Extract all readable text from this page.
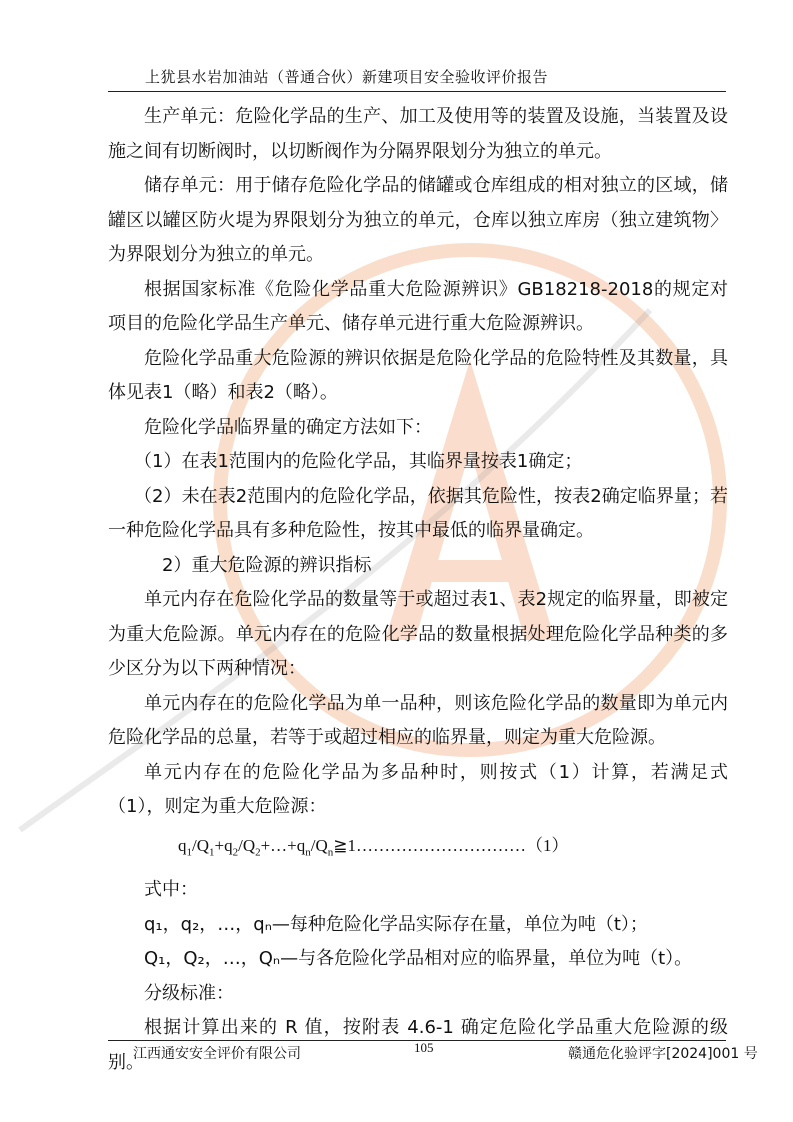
上犹县水岩加油站（普通合伙）新建项目安全验收评价报告

生产单元：危险化学品的生产、加工及使用等的装置及设施，当装置及设施之间有切断阀时，以切断阀作为分隔界限划分为独立的单元。

储存单元：用于储存危险化学品的储罐或仓库组成的相对独立的区域，储罐区以罐区防火堤为界限划分为独立的单元，仓库以独立库房（独立建筑物〉为界限划分为独立的单元。

根据国家标准《危险化学品重大危险源辨识》GB18218-2018的规定对项目的危险化学品生产单元、储存单元进行重大危险源辨识。

危险化学品重大危险源的辨识依据是危险化学品的危险特性及其数量，具体见表1（略）和表2（略）。

危险化学品临界量的确定方法如下：

（1）在表1范围内的危险化学品，其临界量按表1确定；

（2）未在表2范围内的危险化学品，依据其危险性，按表2确定临界量；若一种危险化学品具有多种危险性，按其中最低的临界量确定。

2）重大危险源的辨识指标

单元内存在危险化学品的数量等于或超过表1、表2规定的临界量，即被定为重大危险源。单元内存在的危险化学品的数量根据处理危险化学品种类的多少区分为以下两种情况：

单元内存在的危险化学品为单一品种，则该危险化学品的数量即为单元内危险化学品的总量，若等于或超过相应的临界量，则定为重大危险源。

单元内存在的危险化学品为多品种时，则按式（1）计算，若满足式（1），则定为重大危险源：

$q_1/Q_1+q_2/Q_2+\dots+q_n/Q_n≧1\dots\dots\dots\dots\dots\dots\dots\dots\dots\dots(1)$

式中：

q₁，q₂，…，qₙ—每种危险化学品实际存在量，单位为吨（t）；

Q₁，Q₂，…，Qₙ—与各危险化学品相对应的临界量，单位为吨（t）。

分级标准：

根据计算出来的 R 值，按附表 4.6-1 确定危险化学品重大危险源的级别。

江西通安安全评价有限公司	105	赣通危化验评字[2024]001 号
